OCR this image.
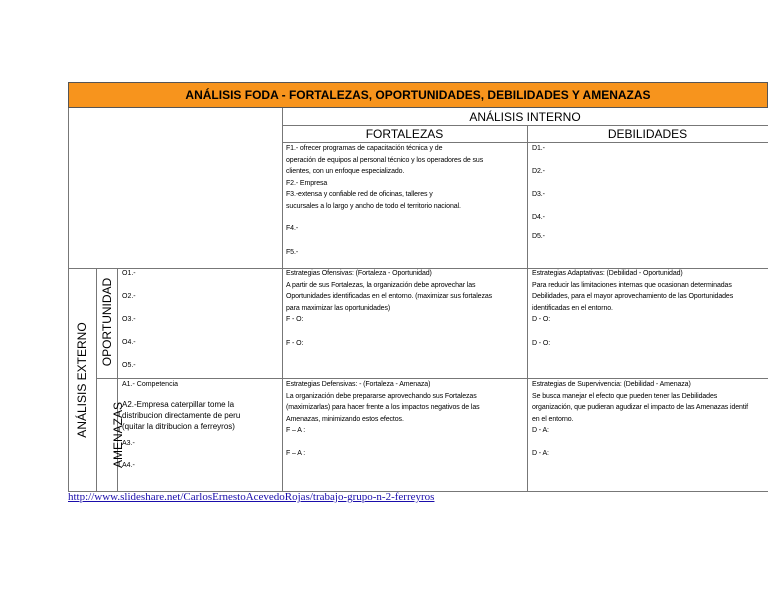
ANÁLISIS FODA - FORTALEZAS, OPORTUNIDADES, DEBILIDADES Y AMENAZAS
ANÁLISIS INTERNO
FORTALEZAS	DEBILIDADES
F1.- ofrecer programas de capacitación técnica y de
operación de equipos al personal técnico y los operadores de sus
clientes, con un enfoque especializado.
F2.- Empresa
F3.-extensa y confiable red de oficinas, talleres y
sucursales a lo largo y ancho de todo el territorio nacional.
F4.-
F5.-
D1.-
D2.-
D3.-
D4.-
D5.-
ANÁLISIS EXTERNO
OPORTUNIDAD
AMENAZAS
O1.-
O2.-
O3.-
O4.-
O5.-
A1.- Competencia
A2.-Empresa caterpillar tome la
distribucion directamente de peru
(quitar la ditribucion a ferreyros)
A3.-
A4.-
Estrategias Ofensivas: (Fortaleza - Oportunidad)
A partir de sus Fortalezas, la organización debe aprovechar las
Oportunidades identificadas en el entorno. (maximizar sus fortalezas
para maximizar las oportunidades)
F - O:
F - O:
Estrategias Adaptativas: (Debilidad - Oportunidad)
Para reducir las limitaciones internas que ocasionan determinadas
Debilidades, para el mayor aprovechamiento de las Oportunidades
identificadas en el entorno.
D - O:
D - O:
Estrategias Defensivas: - (Fortaleza - Amenaza)
La organización debe prepararse aprovechando sus Fortalezas
(maximizarlas) para hacer frente a los impactos negativos de las
Amenazas, minimizando estos efectos.
F – A :
F – A :
Estrategias de Supervivencia: (Debilidad - Amenaza)
Se busca manejar el efecto que pueden tener las Debilidades
organización, que pudieran agudizar el impacto de las Amenazas identif
en el entorno.
D - A:
D - A:
http://www.slideshare.net/CarlosErnestoAcevedoRojas/trabajo-grupo-n-2-ferreyros
